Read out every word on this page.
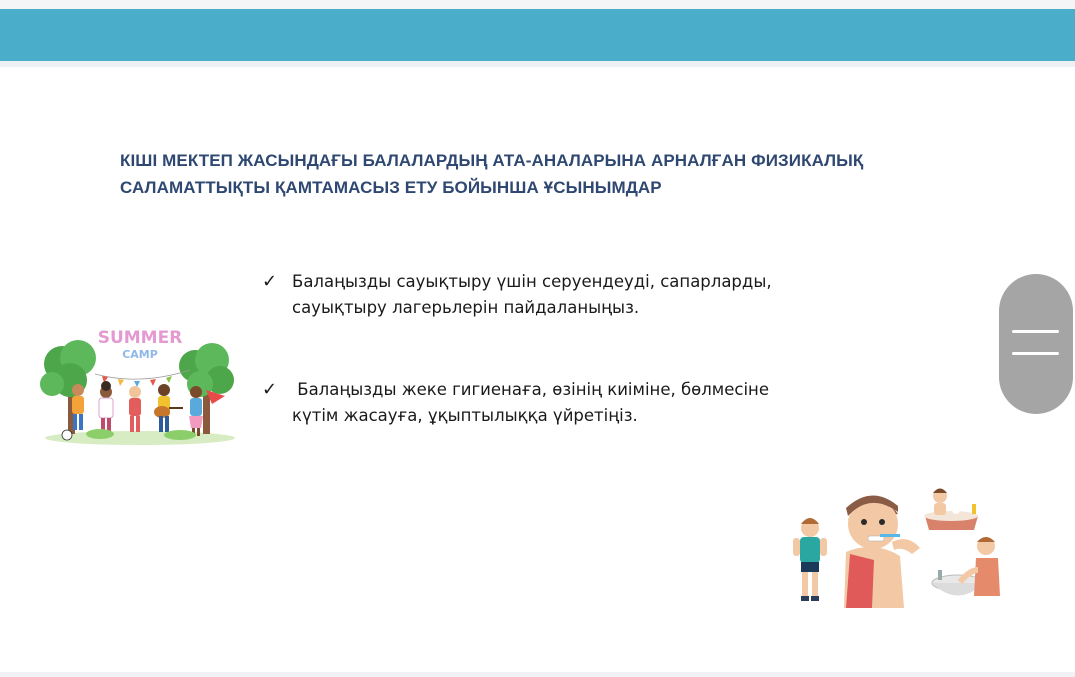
КІШІ МЕКТЕП ЖАСЫНДАҒЫ БАЛАЛАРДЫҢ АТА-АНАЛАРЫНА АРНАЛҒАН ФИЗИКАЛЫҚ
САЛАМАТТЫҚТЫ ҚАМТАМАСЫЗ ЕТУ БОЙЫНША ҰСЫНЫМДАР
✓ Балаңызды сауықтыру үшін серуендеуді, сапарларды,
сауықтыру лагерьлерін пайдаланыңыз.
✓ Балаңызды жеке гигиенаға, өзінің киіміне, бөлмесіне
күтім жасауға, ұқыптылыққа үйретіңіз.
SUMMER
CAMP
